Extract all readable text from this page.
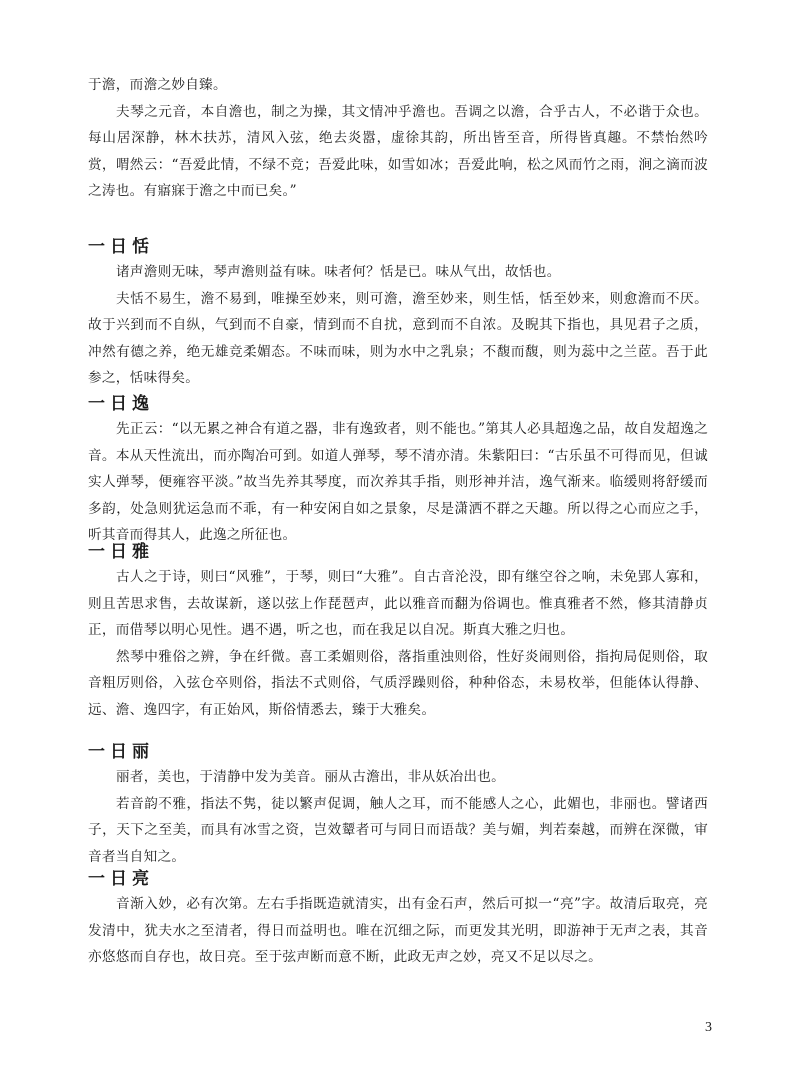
于澹，而澹之妙自臻。

夫琴之元音，本自澹也，制之为操，其文情冲乎澹也。吾调之以澹，合乎古人，不必谐于众也。每山居深静，林木扶苏，清风入弦，绝去炎嚣，虚徐其韵，所出皆至音，所得皆真趣。不禁怡然吟赏，喟然云：“吾爱此情，不绿不竞；吾爱此味，如雪如冰；吾爱此响，松之风而竹之雨，涧之滴而波之涛也。有寤寐于澹之中而已矣。”

一日恬

诸声澹则无味，琴声澹则益有味。味者何？恬是已。味从气出，故恬也。

夫恬不易生，澹不易到，唯操至妙来，则可澹，澹至妙来，则生恬，恬至妙来，则愈澹而不厌。故于兴到而不自纵，气到而不自豪，情到而不自扰，意到而不自浓。及睨其下指也，具见君子之质，冲然有德之养，绝无雄竞柔媚态。不味而味，则为水中之乳泉；不馥而馥，则为蕊中之兰茝。吾于此参之，恬味得矣。

一日逸

先正云：“以无累之神合有道之器，非有逸致者，则不能也。”第其人必具超逸之品，故自发超逸之音。本从天性流出，而亦陶冶可到。如道人弹琴，琴不清亦清。朱紫阳曰：“古乐虽不可得而见，但诚实人弹琴，便雍容平淡。”故当先养其琴度，而次养其手指，则形神并洁，逸气渐来。临缓则将舒缓而多韵，处急则犹运急而不乖，有一种安闲自如之景象，尽是潇洒不群之天趣。所以得之心而应之手，听其音而得其人，此逸之所征也。

一日雅

古人之于诗，则曰“风雅”，于琴，则曰“大雅”。自古音沦没，即有继空谷之响，未免郢人寡和，则且苦思求售，去故谋新，遂以弦上作琵琶声，此以雅音而翻为俗调也。惟真雅者不然，修其清静贞正，而借琴以明心见性。遇不遇，听之也，而在我足以自况。斯真大雅之归也。

然琴中雅俗之辨，争在纤微。喜工柔媚则俗，落指重浊则俗，性好炎闹则俗，指拘局促则俗，取音粗厉则俗，入弦仓卒则俗，指法不式则俗，气质浮躁则俗，种种俗态，未易枚举，但能体认得静、远、澹、逸四字，有正始风，斯俗情悉去，臻于大雅矣。

一日丽

丽者，美也，于清静中发为美音。丽从古澹出，非从妖冶出也。

若音韵不雅，指法不隽，徒以繁声促调，触人之耳，而不能感人之心，此媚也，非丽也。譬诸西子，天下之至美，而具有冰雪之资，岂效颦者可与同日而语哉？美与媚，判若秦越，而辨在深微，审音者当自知之。

一日亮

音渐入妙，必有次第。左右手指既造就清实，出有金石声，然后可拟一“亮”字。故清后取亮，亮发清中，犹夫水之至清者，得日而益明也。唯在沉细之际，而更发其光明，即游神于无声之表，其音亦悠悠而自存也，故日亮。至于弦声断而意不断，此政无声之妙，亮又不足以尽之。

3
